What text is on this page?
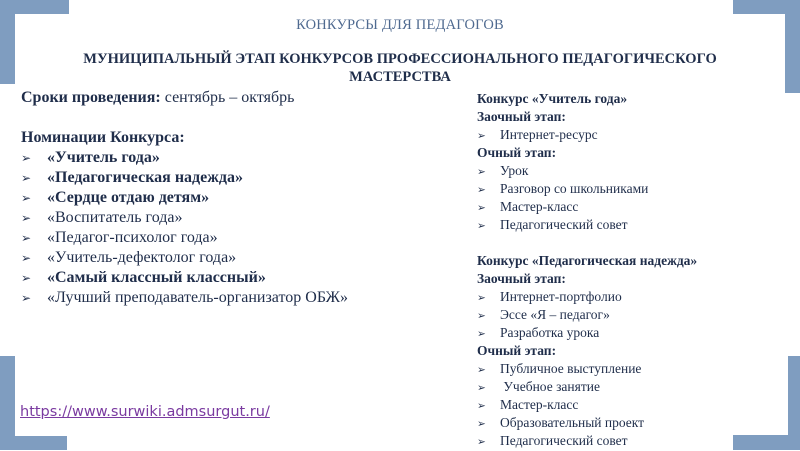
КОНКУРСЫ ДЛЯ ПЕДАГОГОВ
МУНИЦИПАЛЬНЫЙ ЭТАП КОНКУРСОВ ПРОФЕССИОНАЛЬНОГО ПЕДАГОГИЧЕСКОГО МАСТЕРСТВА
Сроки проведения: сентябрь – октябрь
Номинации Конкурса:
➢ «Учитель года»
➢ «Педагогическая надежда»
➢ «Сердце отдаю детям»
➢ «Воспитатель года»
➢ «Педагог-психолог года»
➢ «Учитель-дефектолог года»
➢ «Самый классный классный»
➢ «Лучший преподаватель-организатор ОБЖ»
Конкурс «Учитель года»
Заочный этап:
➢	Интернет-ресурс
Очный этап:
➢	Урок
➢	Разговор со школьниками
➢	Мастер-класс
➢	Педагогический совет
Конкурс «Педагогическая надежда»
Заочный этап:
➢	Интернет-портфолио
➢	Эссе «Я – педагог»
➢	Разработка урока
Очный этап:
➢	Публичное выступление
➢	Учебное занятие
➢	Мастер-класс
➢	Образовательный проект
➢	Педагогический совет
https://www.surwiki.admsurgut.ru/
